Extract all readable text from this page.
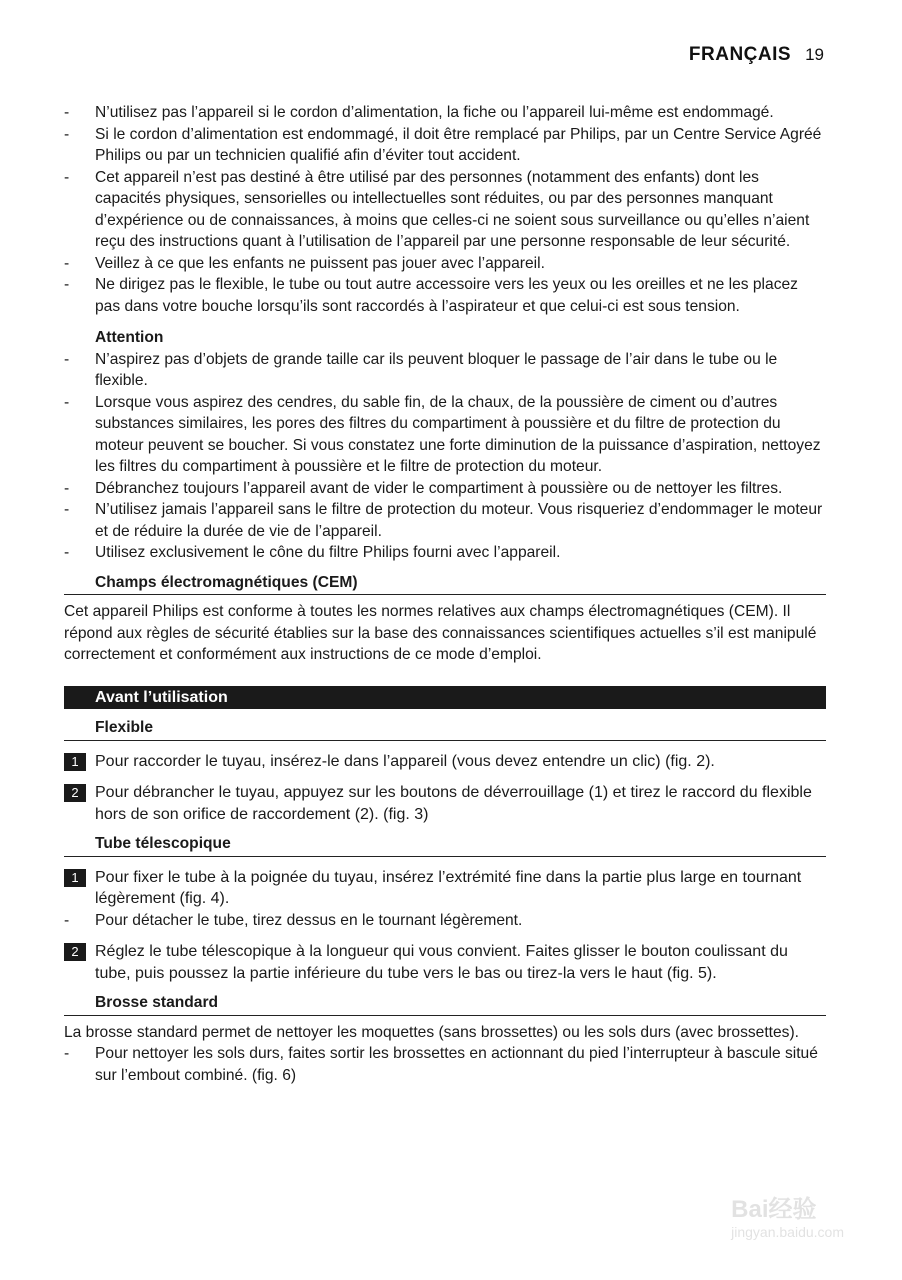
FRANÇAIS 19

- N’utilisez pas l’appareil si le cordon d’alimentation, la fiche ou l’appareil lui-même est endommagé.

- Si le cordon d’alimentation est endommagé, il doit être remplacé par Philips, par un Centre Service Agréé Philips ou par un technicien qualifié afin d’éviter tout accident.

- Cet appareil n’est pas destiné à être utilisé par des personnes (notamment des enfants) dont les capacités physiques, sensorielles ou intellectuelles sont réduites, ou par des personnes manquant d’expérience ou de connaissances, à moins que celles-ci ne soient sous surveillance ou qu’elles n’aient reçu des instructions quant à l’utilisation de l’appareil par une personne responsable de leur sécurité.

- Veillez à ce que les enfants ne puissent pas jouer avec l’appareil.

- Ne dirigez pas le flexible, le tube ou tout autre accessoire vers les yeux ou les oreilles et ne les placez pas dans votre bouche lorsqu’ils sont raccordés à l’aspirateur et que celui-ci est sous tension.

Attention

- N’aspirez pas d’objets de grande taille car ils peuvent bloquer le passage de l’air dans le tube ou le flexible.

- Lorsque vous aspirez des cendres, du sable fin, de la chaux, de la poussière de ciment ou d’autres substances similaires, les pores des filtres du compartiment à poussière et du filtre de protection du moteur peuvent se boucher. Si vous constatez une forte diminution de la puissance d’aspiration, nettoyez les filtres du compartiment à poussière et le filtre de protection du moteur.

- Débranchez toujours l’appareil avant de vider le compartiment à poussière ou de nettoyer les filtres.

- N’utilisez jamais l’appareil sans le filtre de protection du moteur. Vous risqueriez d’endommager le moteur et de réduire la durée de vie de l’appareil.

- Utilisez exclusivement le cône du filtre Philips fourni avec l’appareil.

Champs électromagnétiques (CEM)

Cet appareil Philips est conforme à toutes les normes relatives aux champs électromagnétiques (CEM). Il répond aux règles de sécurité établies sur la base des connaissances scientifiques actuelles s’il est manipulé correctement et conformément aux instructions de ce mode d’emploi.

Avant l’utilisation
Flexible
1	Pour raccorder le tuyau, insérez-le dans l’appareil (vous devez entendre un clic) (fig. 2).
2	Pour débrancher le tuyau, appuyez sur les boutons de déverrouillage (1) et tirez le raccord du flexible hors de son orifice de raccordement (2). (fig. 3)
Tube télescopique
1	Pour fixer le tube à la poignée du tuyau, insérez l’extrémité fine dans la partie plus large en tournant légèrement (fig. 4).

- Pour détacher le tube, tirez dessus en le tournant légèrement.

2	Réglez le tube télescopique à la longueur qui vous convient. Faites glisser le bouton coulissant du tube, puis poussez la partie inférieure du tube vers le bas ou tirez-la vers le haut (fig. 5).
Brosse standard

La brosse standard permet de nettoyer les moquettes (sans brossettes) ou les sols durs (avec brossettes).

- Pour nettoyer les sols durs, faites sortir les brossettes en actionnant du pied l’interrupteur à bascule situé sur l’embout combiné. (fig. 6)

Bai经验
jingyan.baidu.com
